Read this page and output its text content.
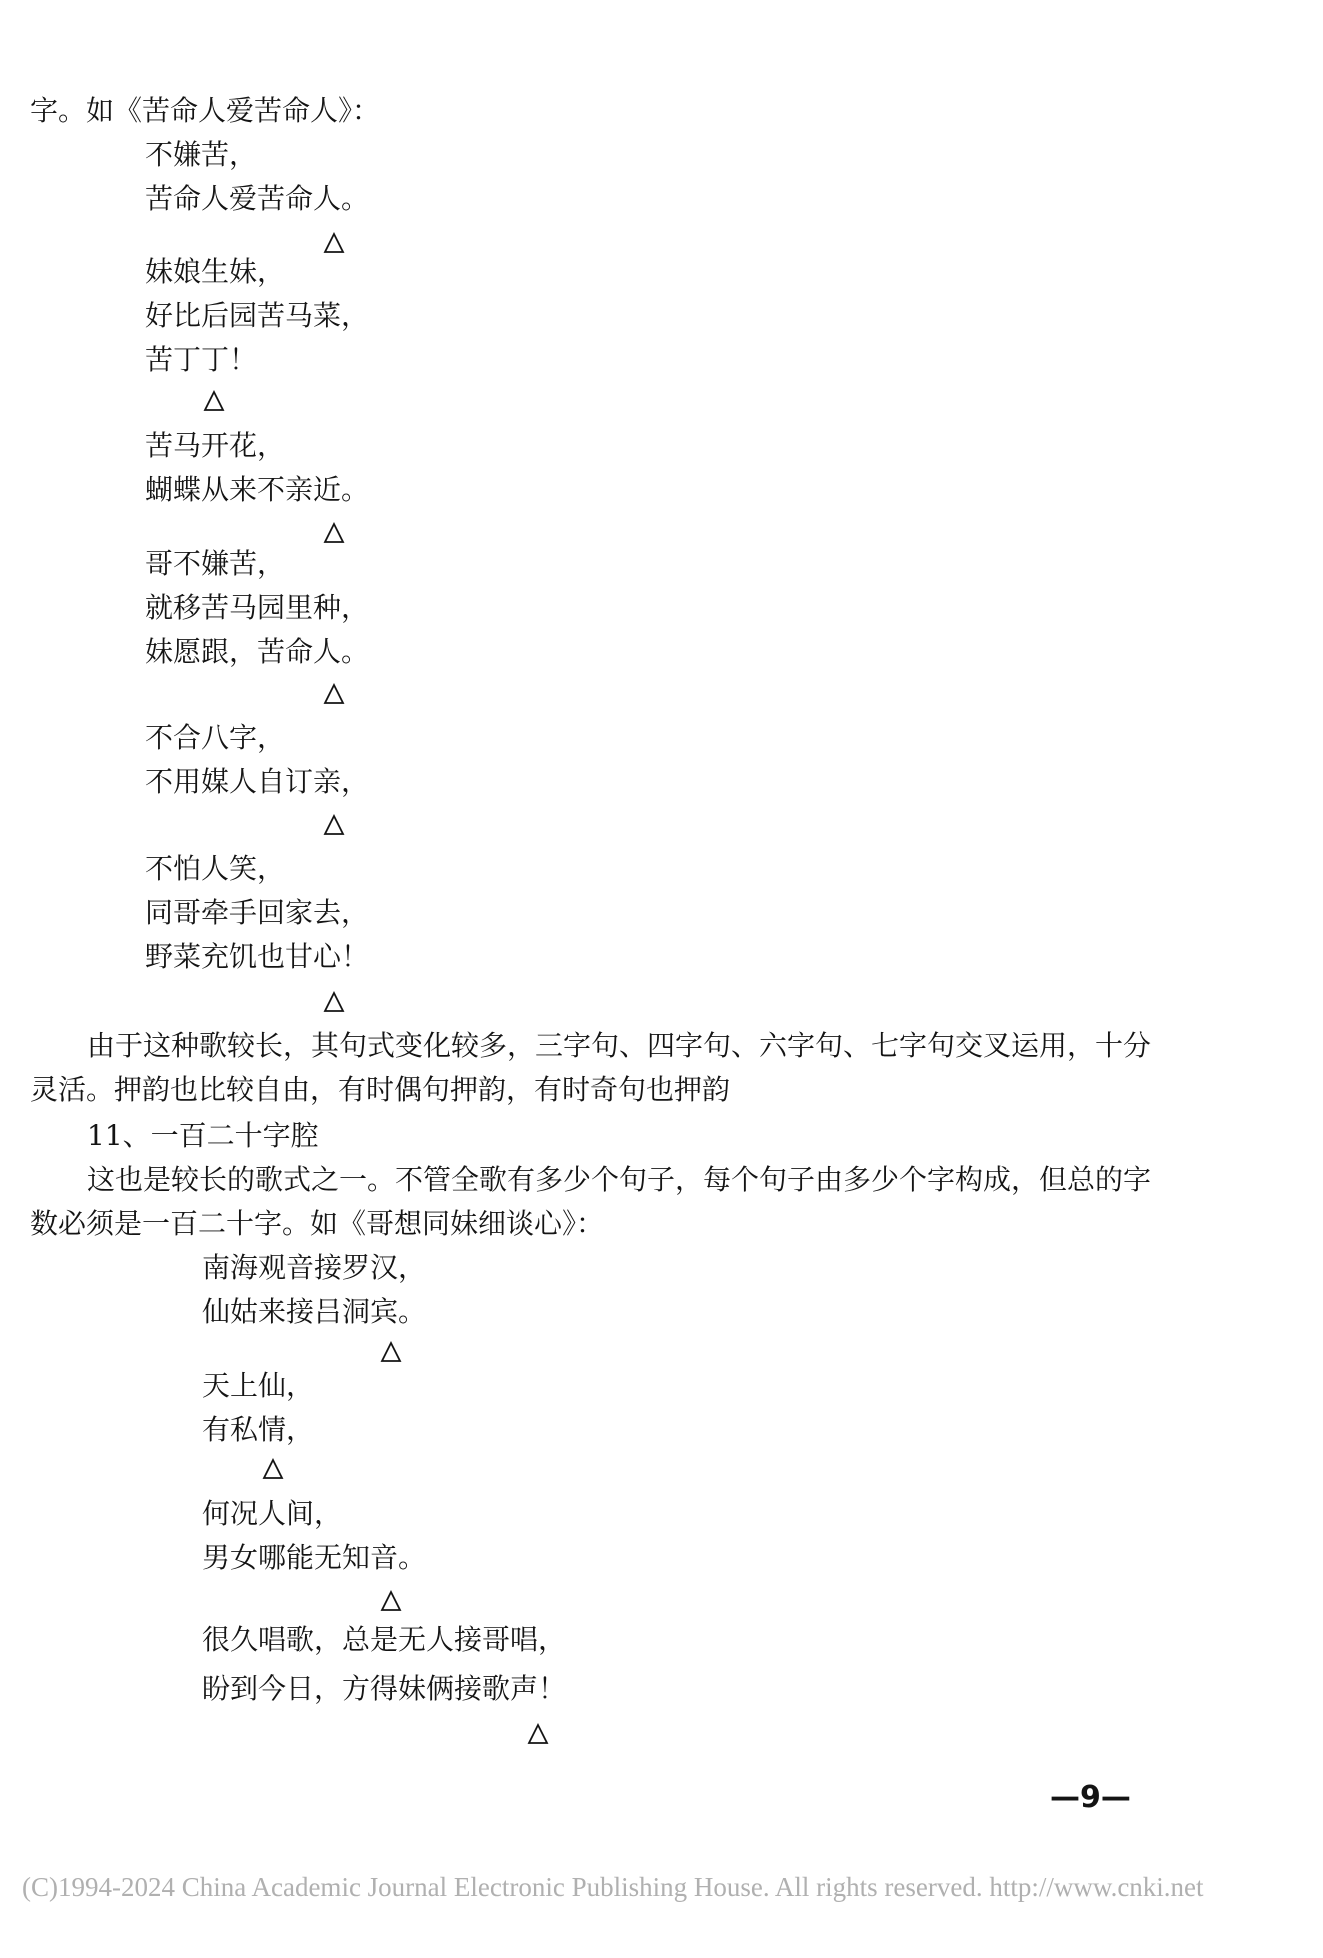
字。如《苦命人爱苦命人》：
不嫌苦，
苦命人爱苦命人。
妹娘生妹，
好比后园苦马菜，
苦丁丁！
苦马开花，
蝴蝶从来不亲近。
哥不嫌苦，
就移苦马园里种，
妹愿跟，苦命人。
不合八字，
不用媒人自订亲，
不怕人笑，
同哥牵手回家去，
野菜充饥也甘心！
由于这种歌较长，其句式变化较多，三字句、四字句、六字句、七字句交叉运用，十分
灵活。押韵也比较自由，有时偶句押韵，有时奇句也押韵
11、一百二十字腔
这也是较长的歌式之一。不管全歌有多少个句子，每个句子由多少个字构成，但总的字
数必须是一百二十字。如《哥想同妹细谈心》：
南海观音接罗汉，
仙姑来接吕洞宾。
天上仙，
有私情，
何况人间，
男女哪能无知音。
很久唱歌，总是无人接哥唱，
盼到今日，方得妹俩接歌声！
—9—
(C)1994-2024 China Academic Journal Electronic Publishing House. All rights reserved. http://www.cnki.net
